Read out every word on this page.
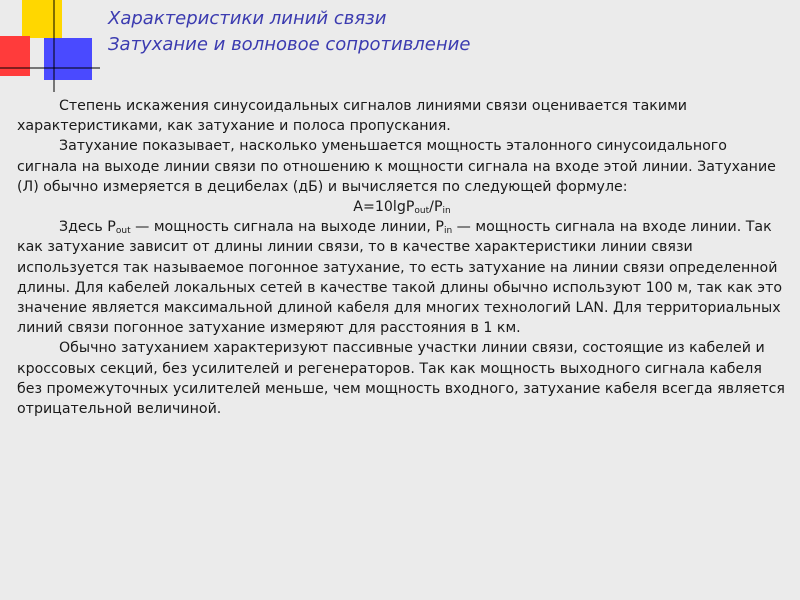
Характеристики линий связи
Затухание и волновое сопротивление

Степень искажения синусоидальных сигналов линиями связи оценивается такими характеристиками, как затухание и полоса пропускания.

Затухание показывает, насколько уменьшается мощность эталонного синусоидального сигнала на выходе линии связи по отношению к мощности сигнала на входе этой линии. Затухание (Л) обычно измеряется в децибелах (дБ) и вычисляется по следующей формуле:

$A=10\lg P_{out}/P_{in}$

Здесь $P_{out}$ — мощность сигнала на выходе линии, $P_{in}$ — мощность сигнала на входе линии. Так как затухание зависит от длины линии связи, то в качестве характеристики линии связи используется так называемое погонное затухание, то есть затухание на линии связи определенной длины. Для кабелей локальных сетей в качестве такой длины обычно используют 100 м, так как это значение является максимальной длиной кабеля для многих технологий LAN. Для территориальных линий связи погонное затухание измеряют для расстояния в 1 км.

Обычно затуханием характеризуют пассивные участки линии связи, состоящие из кабелей и кроссовых секций, без усилителей и регенераторов. Так как мощность выходного сигнала кабеля без промежуточных усилителей меньше, чем мощность входного, затухание кабеля всегда является отрицательной величиной.
